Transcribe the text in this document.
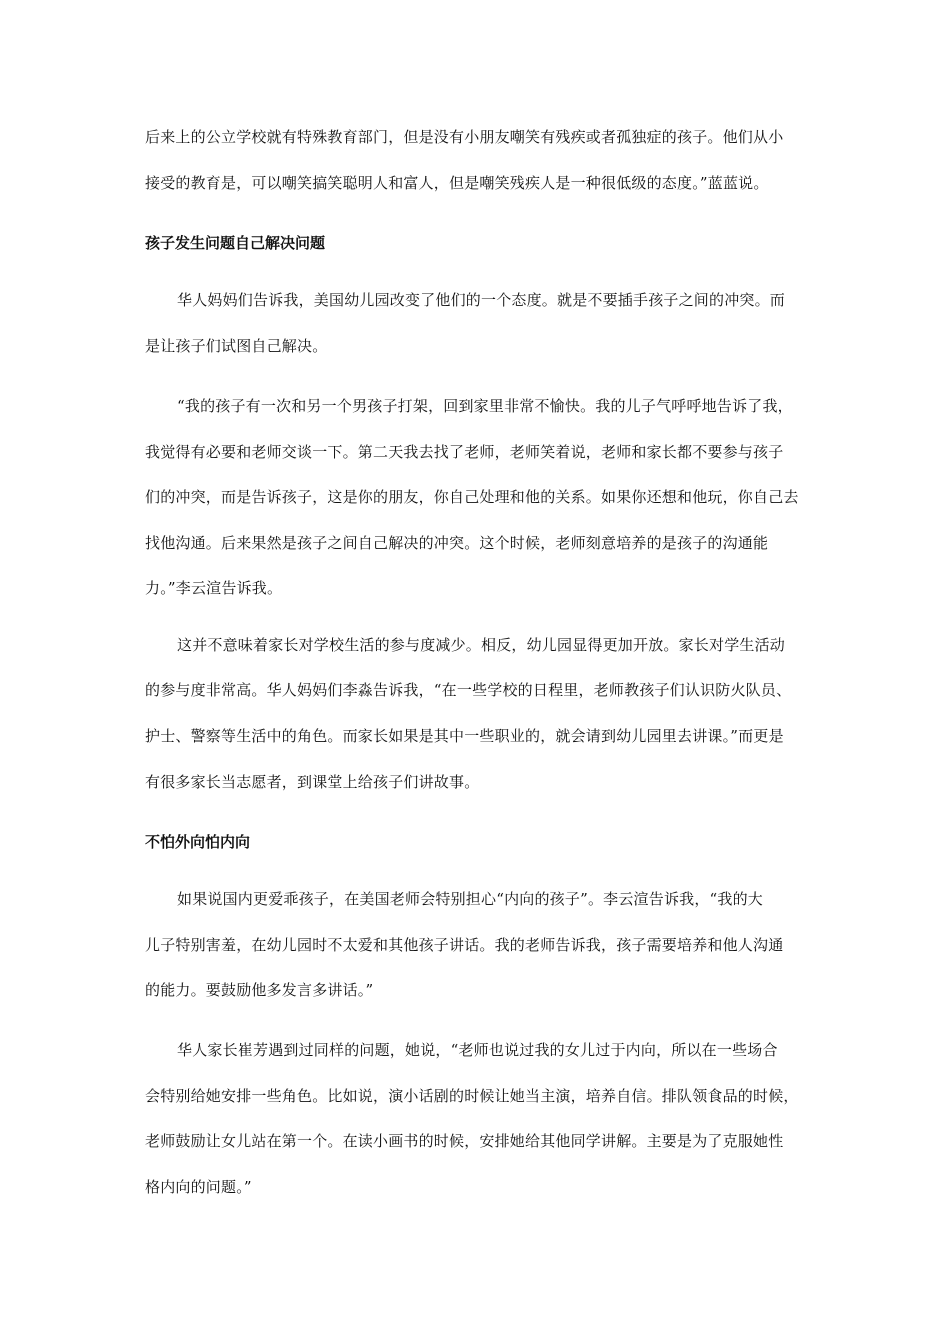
后来上的公立学校就有特殊教育部门，但是没有小朋友嘲笑有残疾或者孤独症的孩子。他们从小
接受的教育是，可以嘲笑搞笑聪明人和富人，但是嘲笑残疾人是一种很低级的态度。”蓝蓝说。
孩子发生问题自己解决问题
华人妈妈们告诉我，美国幼儿园改变了他们的一个态度。就是不要插手孩子之间的冲突。而
是让孩子们试图自己解决。
“我的孩子有一次和另一个男孩子打架，回到家里非常不愉快。我的儿子气呼呼地告诉了我，
我觉得有必要和老师交谈一下。第二天我去找了老师，老师笑着说，老师和家长都不要参与孩子
们的冲突，而是告诉孩子，这是你的朋友，你自己处理和他的关系。如果你还想和他玩，你自己去
找他沟通。后来果然是孩子之间自己解决的冲突。这个时候，老师刻意培养的是孩子的沟通能
力。”李云渲告诉我。
这并不意味着家长对学校生活的参与度减少。相反，幼儿园显得更加开放。家长对学生活动
的参与度非常高。华人妈妈们李淼告诉我，“在一些学校的日程里，老师教孩子们认识防火队员、
护士、警察等生活中的角色。而家长如果是其中一些职业的，就会请到幼儿园里去讲课。”而更是
有很多家长当志愿者，到课堂上给孩子们讲故事。
不怕外向怕内向
如果说国内更爱乖孩子，在美国老师会特别担心“内向的孩子”。李云渲告诉我，“我的大
儿子特别害羞，在幼儿园时不太爱和其他孩子讲话。我的老师告诉我，孩子需要培养和他人沟通
的能力。要鼓励他多发言多讲话。”
华人家长崔芳遇到过同样的问题，她说，“老师也说过我的女儿过于内向，所以在一些场合
会特别给她安排一些角色。比如说，演小话剧的时候让她当主演，培养自信。排队领食品的时候，
老师鼓励让女儿站在第一个。在读小画书的时候，安排她给其他同学讲解。主要是为了克服她性
格内向的问题。”
